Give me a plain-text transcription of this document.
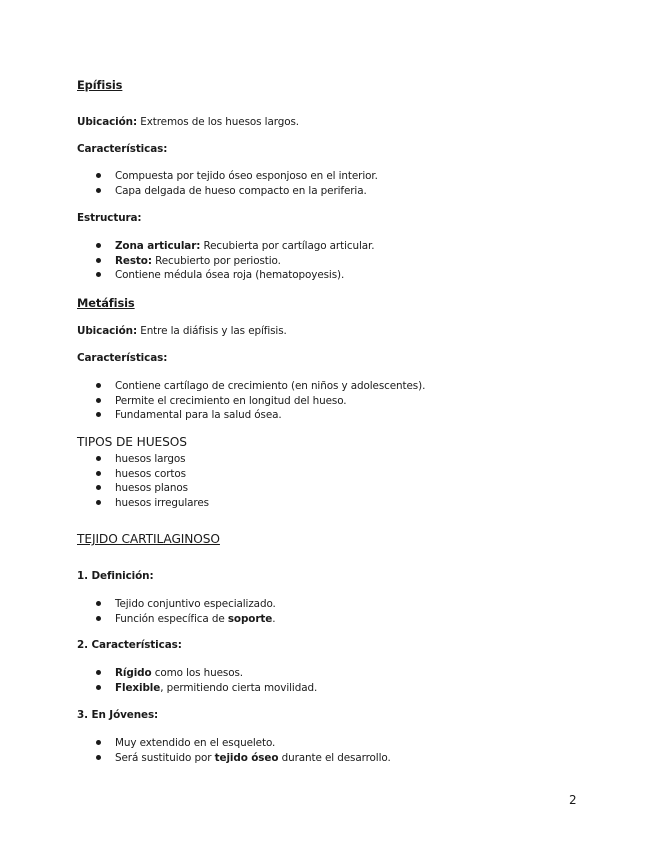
Epífisis
Ubicación: Extremos de los huesos largos.
Características:
Compuesta por tejido óseo esponjoso en el interior.
Capa delgada de hueso compacto en la periferia.
Estructura:
Zona articular: Recubierta por cartílago articular.
Resto: Recubierto por periostio.
Contiene médula ósea roja (hematopoyesis).
Metáfisis
Ubicación: Entre la diáfisis y las epífisis.
Características:
Contiene cartílago de crecimiento (en niños y adolescentes).
Permite el crecimiento en longitud del hueso.
Fundamental para la salud ósea.
TIPOS DE HUESOS
huesos largos
huesos cortos
huesos planos
huesos irregulares
TEJIDO CARTILAGINOSO
1. Definición:
Tejido conjuntivo especializado.
Función específica de soporte.
2. Características:
Rígido como los huesos.
Flexible, permitiendo cierta movilidad.
3. En Jóvenes:
Muy extendido en el esqueleto.
Será sustituido por tejido óseo durante el desarrollo.
2
